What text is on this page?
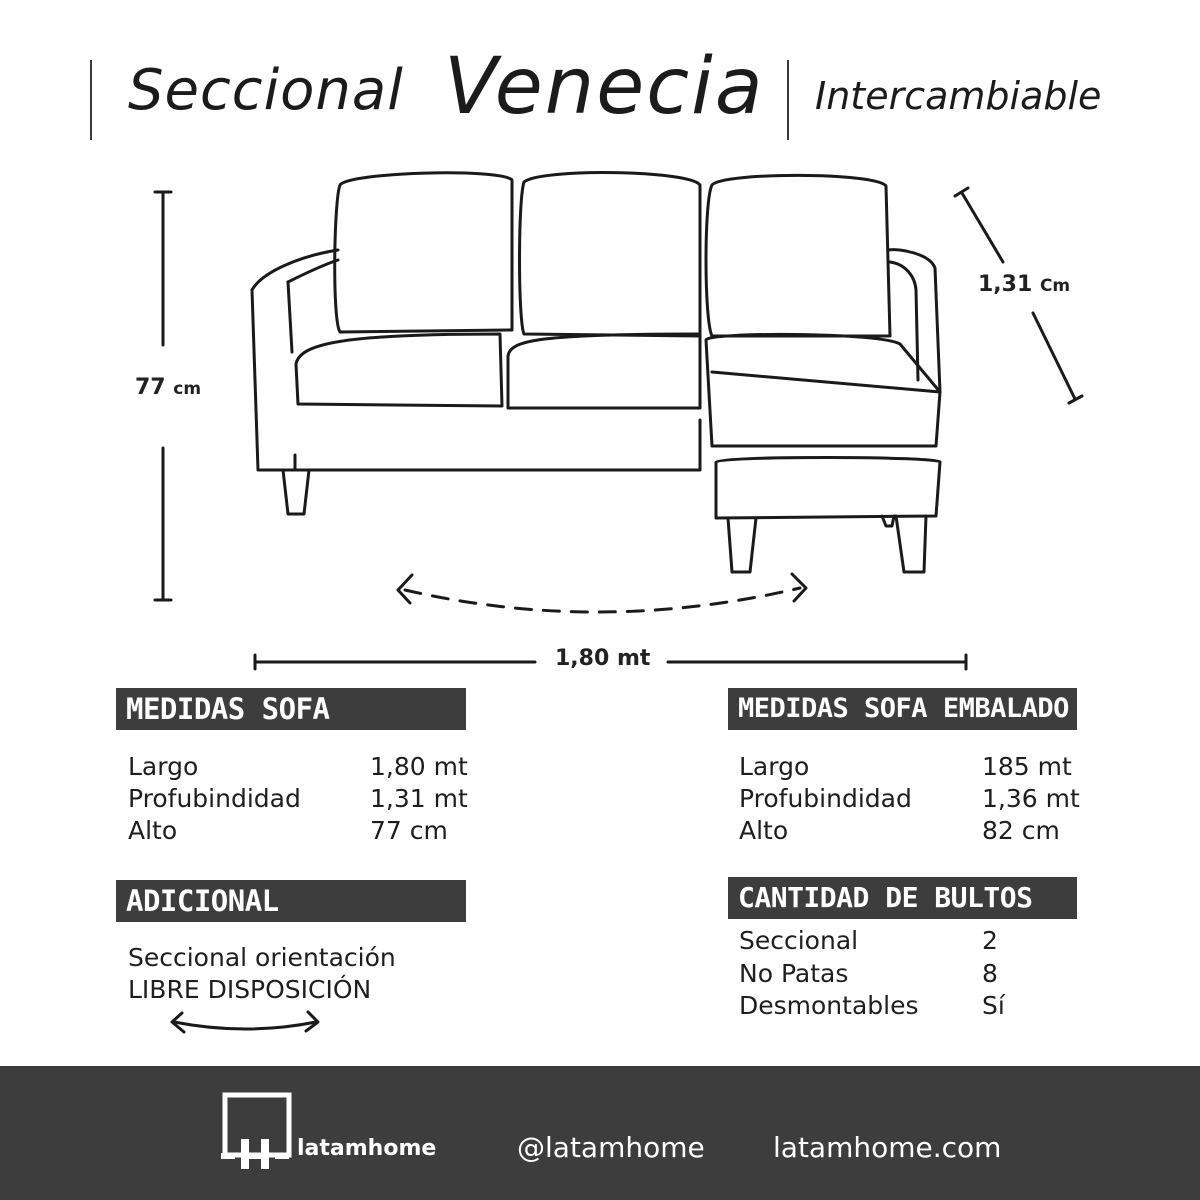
Seccional Venecia Intercambiable
77 cm
1,31 Cm
1,80 mt
MEDIDAS SOFA
Largo	1,80 mt
Profubindidad	1,31 mt
Alto	77 cm
MEDIDAS SOFA EMBALADO
Largo	185 mt
Profubindidad	1,36 mt
Alto	82 cm
ADICIONAL
Seccional orientación
LIBRE DISPOSICIÓN
CANTIDAD DE BULTOS
Seccional	2
No Patas	8
Desmontables	Sí
latamhome	@latamhome latamhome.com
